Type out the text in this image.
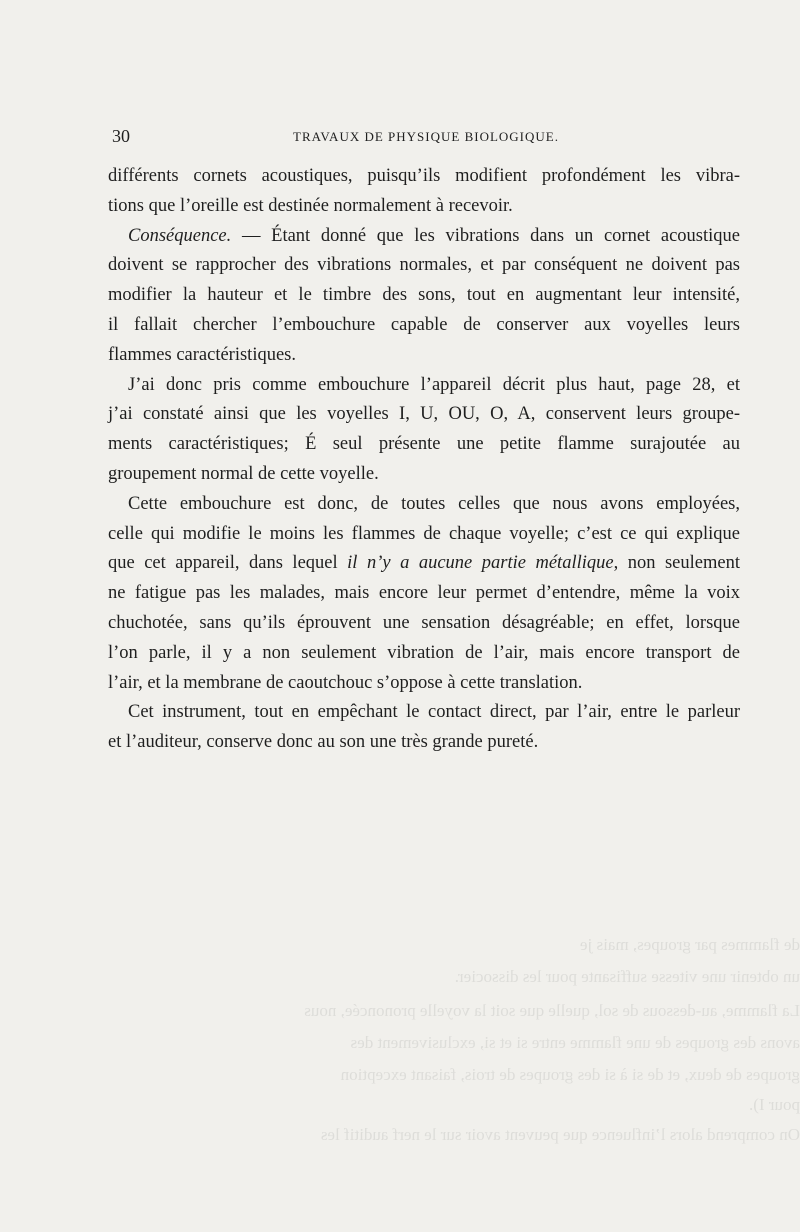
de flammes par groupes, mais je
un obtenir une vitesse suffisante pour les dissocier.
La flamme, au-dessous de sol, quelle que soit la voyelle prononcée, nous
avons des groupes de une flamme entre si et si, exclusivement des
groupes de deux, et de si à si des groupes de trois, faisant exception
pour I).
On comprend alors l’influence que peuvent avoir sur le nerf auditif les
30	TRAVAUX DE PHYSIQUE BIOLOGIQUE.
différents cornets acoustiques, puisqu’ils modifient profondément les vibra-
tions que l’oreille est destinée normalement à recevoir.
Conséquence. — Étant donné que les vibrations dans un cornet acoustique
doivent se rapprocher des vibrations normales, et par conséquent ne doivent pas
modifier la hauteur et le timbre des sons, tout en augmentant leur intensité,
il fallait chercher l’embouchure capable de conserver aux voyelles leurs
flammes caractéristiques.
J’ai donc pris comme embouchure l’appareil décrit plus haut, page 28, et
j’ai constaté ainsi que les voyelles I, U, OU, O, A, conservent leurs groupe-
ments caractéristiques; É seul présente une petite flamme surajoutée au
groupement normal de cette voyelle.
Cette embouchure est donc, de toutes celles que nous avons employées,
celle qui modifie le moins les flammes de chaque voyelle; c’est ce qui explique
que cet appareil, dans lequel il n’y a aucune partie métallique, non seulement
ne fatigue pas les malades, mais encore leur permet d’entendre, même la voix
chuchotée, sans qu’ils éprouvent une sensation désagréable; en effet, lorsque
l’on parle, il y a non seulement vibration de l’air, mais encore transport de
l’air, et la membrane de caoutchouc s’oppose à cette translation.
Cet instrument, tout en empêchant le contact direct, par l’air, entre le parleur
et l’auditeur, conserve donc au son une très grande pureté.
